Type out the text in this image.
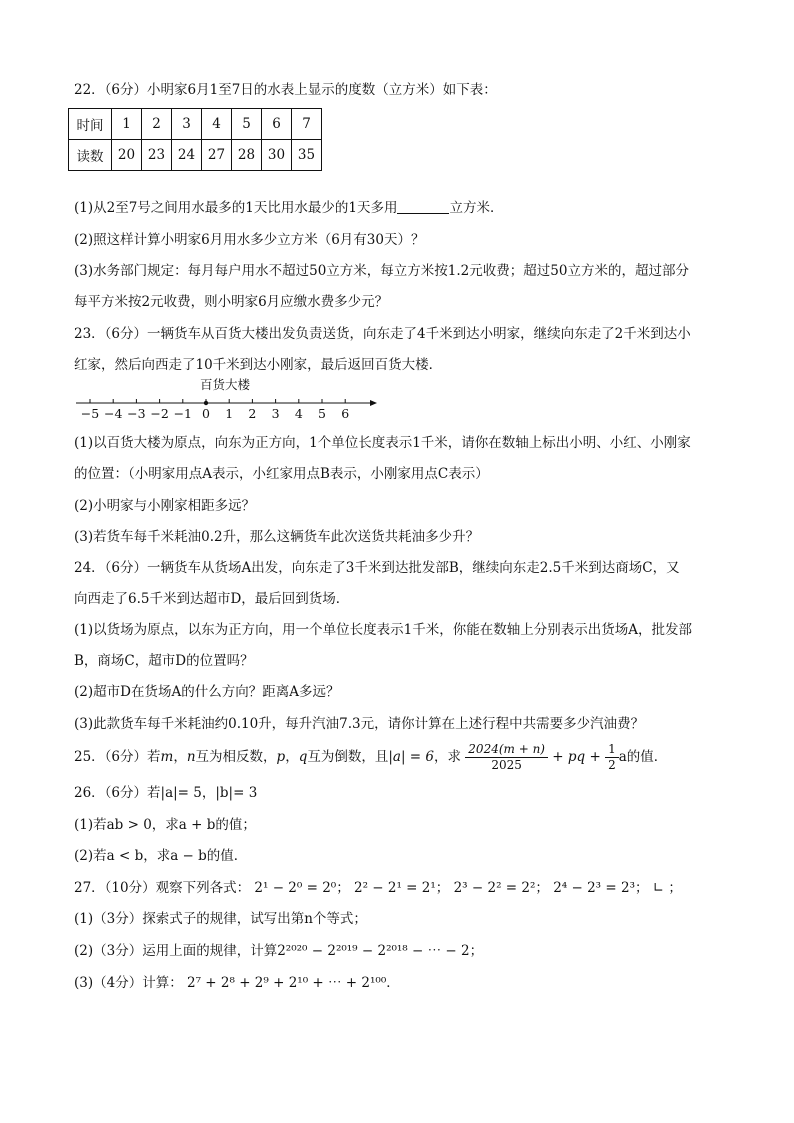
22．（6分）小明家6月1至7日的水表上显示的度数（立方米）如下表：
时间	1	2	3	4	5	6	7
读数	20	23	24	27	28	30	35
(1)从2至7号之间用水最多的1天比用水最少的1天多用	立方米．
(2)照这样计算小明家6月用水多少立方米（6月有30天）？
(3)水务部门规定：每月每户用水不超过50立方米，每立方米按1.2元收费；超过50立方米的，超过部分
每平方米按2元收费，则小明家6月应缴水费多少元？
23．（6分）一辆货车从百货大楼出发负责送货，向东走了4千米到达小明家，继续向东走了2千米到达小
红家，然后向西走了10千米到达小刚家，最后返回百货大楼．
百货大楼
−5 −4 −3 −2 −1 0 1 2 3 4 5 6
(1)以百货大楼为原点，向东为正方向，1个单位长度表示1千米，请你在数轴上标出小明、小红、小刚家
的位置：（小明家用点A表示，小红家用点B表示，小刚家用点C表示）
(2)小明家与小刚家相距多远？
(3)若货车每千米耗油0.2升，那么这辆货车此次送货共耗油多少升？
24．（6分）一辆货车从货场A出发，向东走了3千米到达批发部B，继续向东走2.5千米到达商场C，又
向西走了6.5千米到达超市D，最后回到货场．
(1)以货场为原点，以东为正方向，用一个单位长度表示1千米，你能在数轴上分别表示出货场A，批发部
B，商场C，超市D的位置吗？
(2)超市D在货场A的什么方向？距离A多远？
(3)此款货车每千米耗油约0.10升，每升汽油7.3元，请你计算在上述行程中共需要多少汽油费？
25．（6分）若m，n互为相反数，p，q互为倒数，且|a| = 6，求 $\frac{2024(m + n)}{2025}$ + pq + $\frac{1}{2}$ a的值．
26．（6分）若|a|= 5，|b|= 3
(1)若ab > 0，求a + b的值；
(2)若a < b，求a − b的值．
27．（10分）观察下列各式： 2¹ − 2⁰ = 2⁰； 2² − 2¹ = 2¹； 2³ − 2² = 2²； 2⁴ − 2³ = 2³； ∟ ；
(1)（3分）探索式子的规律，试写出第n个等式；
(2)（3分）运用上面的规律，计算2²⁰²⁰ − 2²⁰¹⁹ − 2²⁰¹⁸ − ⋯ − 2；
(3)（4分）计算： 2⁷ + 2⁸ + 2⁹ + 2¹⁰ + ⋯ + 2¹⁰⁰．
